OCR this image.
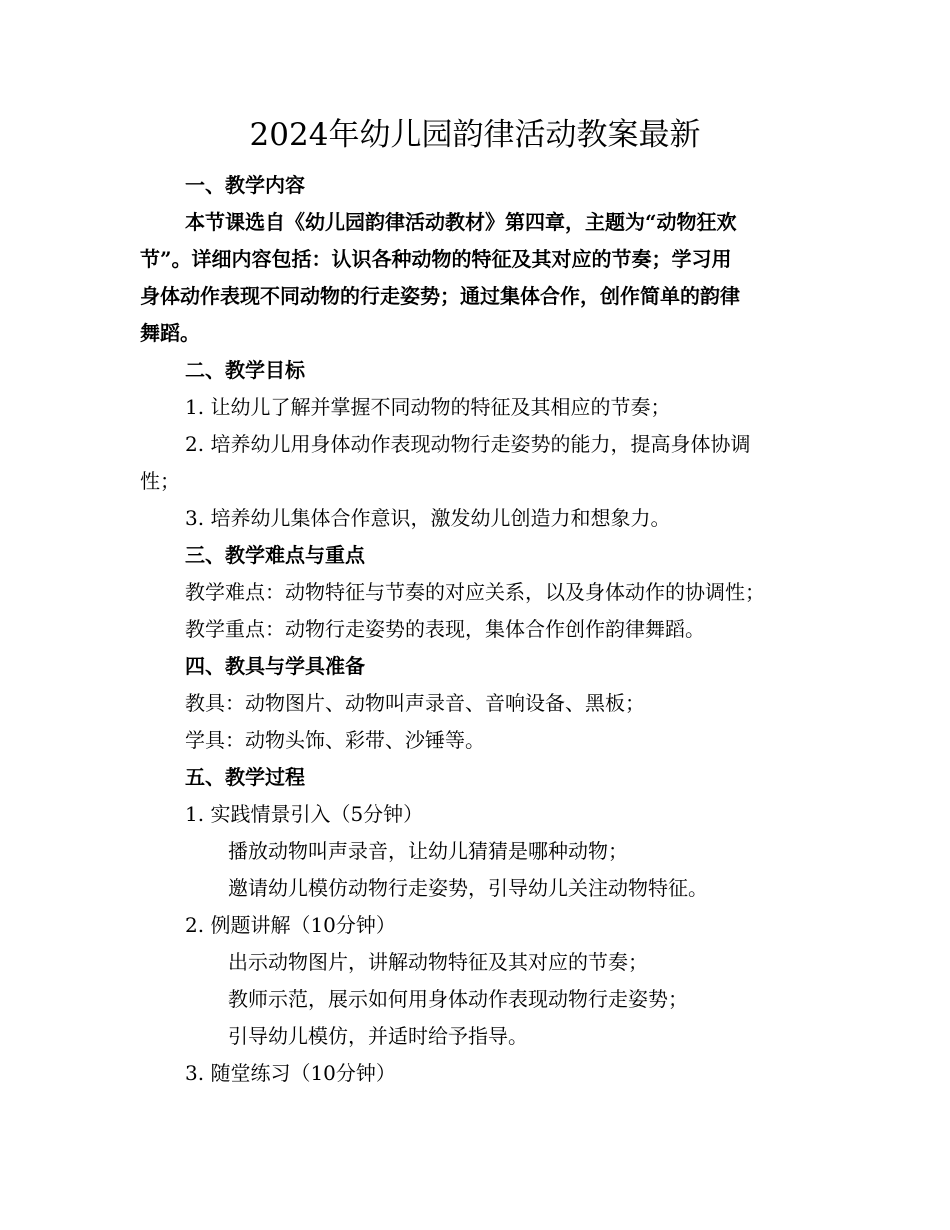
2024年幼儿园韵律活动教案最新
一、教学内容
本节课选自《幼儿园韵律活动教材》第四章，主题为“动物狂欢
节”。详细内容包括：认识各种动物的特征及其对应的节奏；学习用
身体动作表现不同动物的行走姿势；通过集体合作，创作简单的韵律
舞蹈。
二、教学目标
1. 让幼儿了解并掌握不同动物的特征及其相应的节奏；
2. 培养幼儿用身体动作表现动物行走姿势的能力，提高身体协调
性；
3. 培养幼儿集体合作意识，激发幼儿创造力和想象力。
三、教学难点与重点
教学难点：动物特征与节奏的对应关系，以及身体动作的协调性；
教学重点：动物行走姿势的表现，集体合作创作韵律舞蹈。
四、教具与学具准备
教具：动物图片、动物叫声录音、音响设备、黑板；
学具：动物头饰、彩带、沙锤等。
五、教学过程
1. 实践情景引入（5分钟）
播放动物叫声录音，让幼儿猜猜是哪种动物；
邀请幼儿模仿动物行走姿势，引导幼儿关注动物特征。
2. 例题讲解（10分钟）
出示动物图片，讲解动物特征及其对应的节奏；
教师示范，展示如何用身体动作表现动物行走姿势；
引导幼儿模仿，并适时给予指导。
3. 随堂练习（10分钟）
